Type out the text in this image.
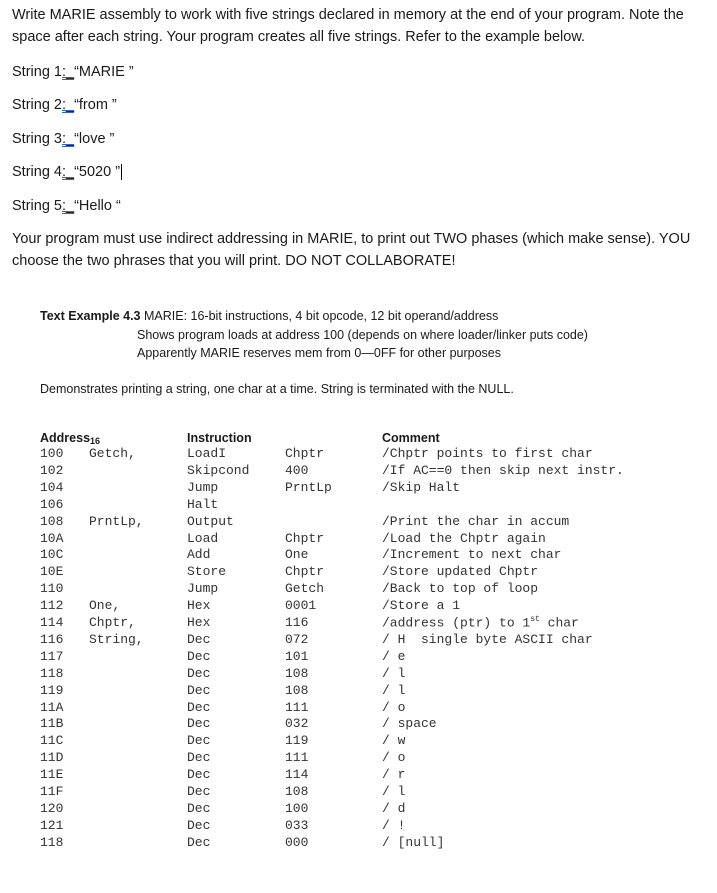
Write MARIE assembly to work with five strings declared in memory at the end of your program. Note the space after each string. Your program creates all five strings. Refer to the example below.

String 1:_“MARIE ”
String 2:_“from ”
String 3:_“love ”
String 4:_“5020 ”
String 5:_“Hello “

Your program must use indirect addressing in MARIE, to print out TWO phases (which make sense). YOU choose the two phrases that you will print. DO NOT COLLABORATE!

Text Example 4.3 MARIE: 16-bit instructions, 4 bit opcode, 12 bit operand/address
Shows program loads at address 100 (depends on where loader/linker puts code)
Apparently MARIE reserves mem from 0—0FF for other purposes
Demonstrates printing a string, one char at a time. String is terminated with the NULL.
Address$_{16}$	Instruction	Comment
100 Getch,	LoadI	Chptr	/Chptr points to first char
102	Skipcond	400	/If AC==0 then skip next instr.
104	Jump	PrntLp	/Skip Halt
106	Halt
108 PrntLp,	Output	/Print the char in accum
10A	Load	Chptr	/Load the Chptr again
10C	Add	One	/Increment to next char
10E	Store	Chptr	/Store updated Chptr
110	Jump	Getch	/Back to top of loop
112 One,	Hex	0001	/Store a 1
114 Chptr,	Hex	116	/address (ptr) to 1st char
116 String,	Dec	072	/ H  single byte ASCII char
117	Dec	101	/ e
118	Dec	108	/ l
119	Dec	108	/ l
11A	Dec	111	/ o
11B	Dec	032	/ space
11C	Dec	119	/ w
11D	Dec	111	/ o
11E	Dec	114	/ r
11F	Dec	108	/ l
120	Dec	100	/ d
121	Dec	033	/ !
118	Dec	000	/ [null]
